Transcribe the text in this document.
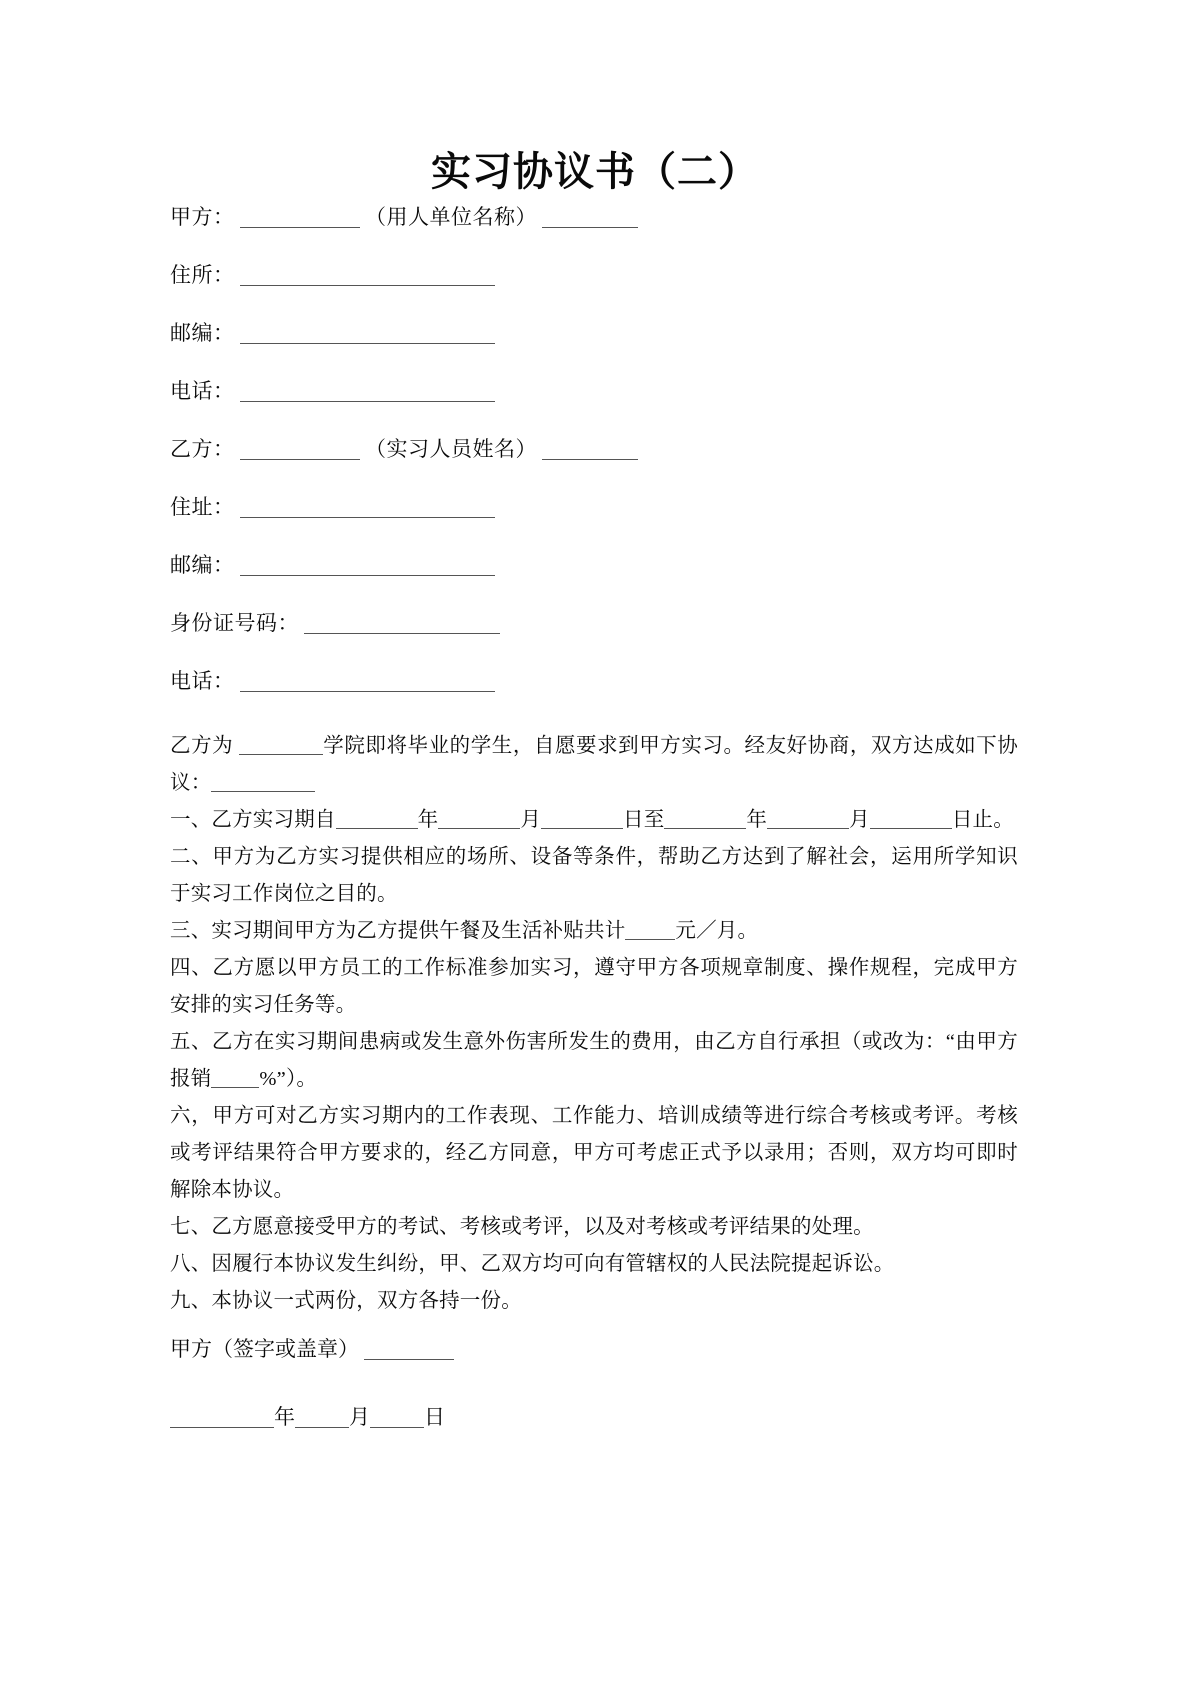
实习协议书（二）
甲方：	（用人单位名称）
住所：
邮编：
电话：
乙方：	（实习人员姓名）
住址：
邮编：
身份证号码：
电话：

乙方为	学院即将毕业的学生，自愿要求到甲方实习。经友好协商，双方达成如下协议：

一、乙方实习期自	年	月	日至	年	月	日止。

二、甲方为乙方实习提供相应的场所、设备等条件，帮助乙方达到了解社会，运用所学知识于实习工作岗位之目的。

三、实习期间甲方为乙方提供午餐及生活补贴共计 元／月。

四、乙方愿以甲方员工的工作标准参加实习，遵守甲方各项规章制度、操作规程，完成甲方安排的实习任务等。

五、乙方在实习期间患病或发生意外伤害所发生的费用，由乙方自行承担（或改为：“由甲方报销 %”）。

六，甲方可对乙方实习期内的工作表现、工作能力、培训成绩等进行综合考核或考评。考核或考评结果符合甲方要求的，经乙方同意，甲方可考虑正式予以录用；否则，双方均可即时解除本协议。

七、乙方愿意接受甲方的考试、考核或考评，以及对考核或考评结果的处理。

八、因履行本协议发生纠纷，甲、乙双方均可向有管辖权的人民法院提起诉讼。

九、本协议一式两份，双方各持一份。

甲方（签字或盖章）
年	月	日
